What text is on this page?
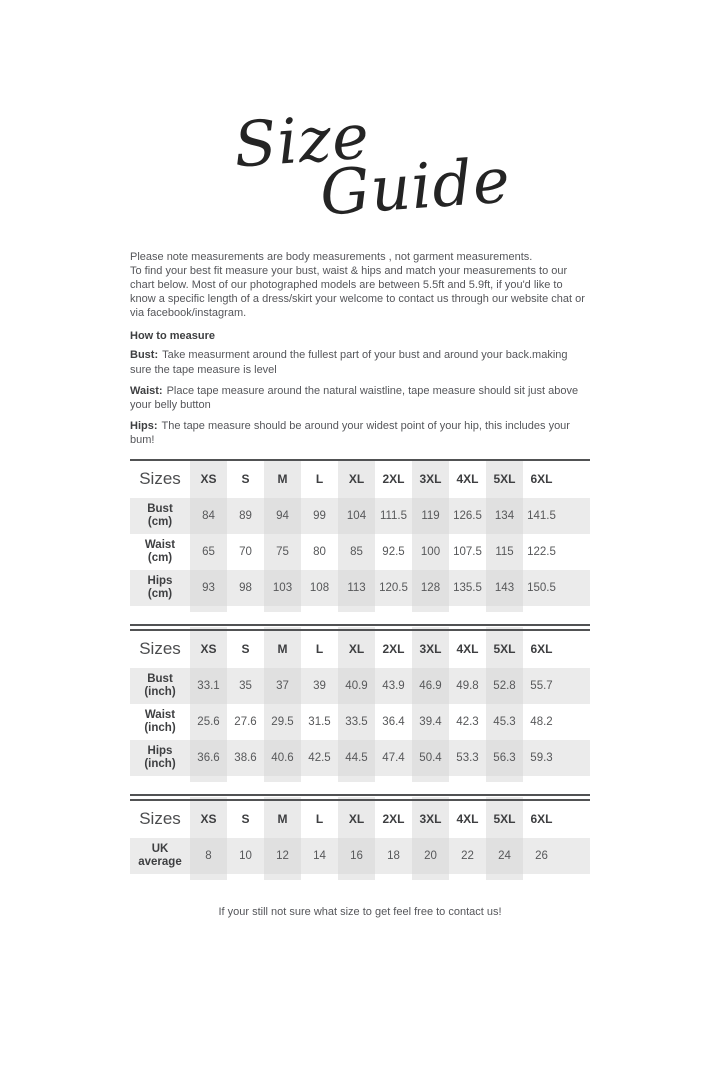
Size
Guide

Please note measurements are body measurements , not garment measurements.

To find your best fit measure your bust, waist & hips and match your measurements to our chart below. Most of our photographed models are between 5.5ft and 5.9ft, if you'd like to know a specific length of a dress/skirt your welcome to contact us through our website chat or via facebook/instagram.

How to measure

Bust: Take measurment around the fullest part of your bust and around your back.making sure the tape measure is level

Waist: Place tape measure around the natural waistline, tape measure should sit just above your belly button

Hips: The tape measure should be around your widest point of your hip, this includes your bum!

Sizes	XS	S	M	L	XL	2XL	3XL	4XL	5XL	6XL	

Bust
(cm)	84	89	94	99	104	111.5	119	126.5	134	141.5	

Waist
(cm)	65	70	75	80	85	92.5	100	107.5	115	122.5	

Hips
(cm)	93	98	103	108	113	120.5	128	135.5	143	150.5	

Sizes	XS	S	M	L	XL	2XL	3XL	4XL	5XL	6XL	

Bust
(inch)	33.1	35	37	39	40.9	43.9	46.9	49.8	52.8	55.7	

Waist
(inch)	25.6	27.6	29.5	31.5	33.5	36.4	39.4	42.3	45.3	48.2	

Hips
(inch)	36.6	38.6	40.6	42.5	44.5	47.4	50.4	53.3	56.3	59.3	

Sizes	XS	S	M	L	XL	2XL	3XL	4XL	5XL	6XL	

UK
average	8	10	12	14	16	18	20	22	24	26	

If your still not sure what size to get feel free to contact us!
